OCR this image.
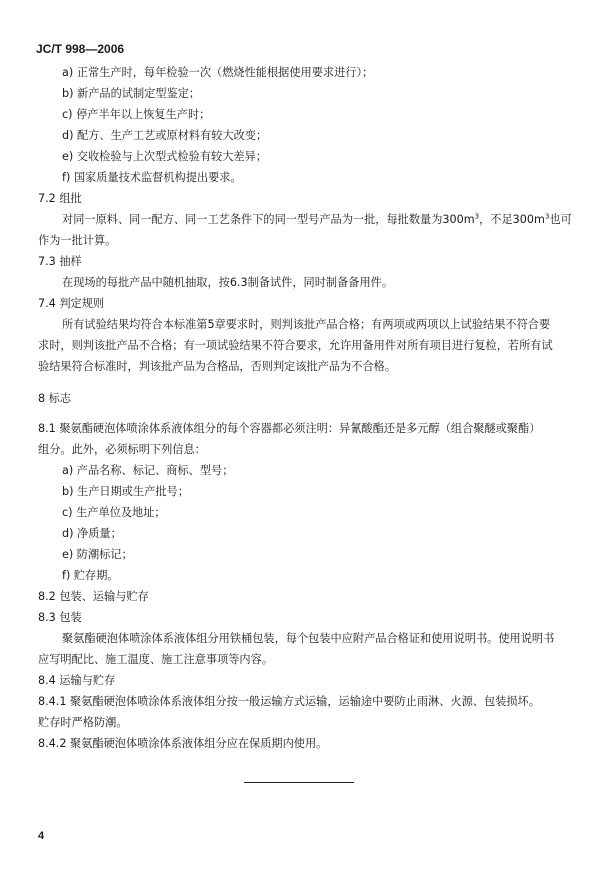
JC/T 998—2006
a) 正常生产时，每年检验一次（燃烧性能根据使用要求进行）；
b) 新产品的试制定型鉴定；
c) 停产半年以上恢复生产时；
d) 配方、生产工艺或原材料有较大改变；
e) 交收检验与上次型式检验有较大差异；
f) 国家质量技术监督机构提出要求。
7.2 组批
对同一原料、同一配方、同一工艺条件下的同一型号产品为一批，每批数量为$300m^3$，不足$300m^3$也可
作为一批计算。
7.3 抽样
在现场的每批产品中随机抽取，按6.3制备试件，同时制备备用件。
7.4 判定规则
所有试验结果均符合本标准第5章要求时，则判该批产品合格；有两项或两项以上试验结果不符合要
求时，则判该批产品不合格；有一项试验结果不符合要求，允许用备用件对所有项目进行复检，若所有试
验结果符合标准时，判该批产品为合格品，否则判定该批产品为不合格。
8 标志
8.1 聚氨酯硬泡体喷涂体系液体组分的每个容器都必须注明：异氰酸酯还是多元醇（组合聚醚或聚酯）
组分。此外，必须标明下列信息：
a) 产品名称、标记、商标、型号；
b) 生产日期或生产批号；
c) 生产单位及地址；
d) 净质量；
e) 防潮标记；
f) 贮存期。
8.2 包装、运输与贮存
8.3 包装
聚氨酯硬泡体喷涂体系液体组分用铁桶包装，每个包装中应附产品合格证和使用说明书。使用说明书
应写明配比、施工温度、施工注意事项等内容。
8.4 运输与贮存
8.4.1 聚氨酯硬泡体喷涂体系液体组分按一般运输方式运输，运输途中要防止雨淋、火源、包装损坏。
贮存时严格防潮。
8.4.2 聚氨酯硬泡体喷涂体系液体组分应在保质期内使用。
4
